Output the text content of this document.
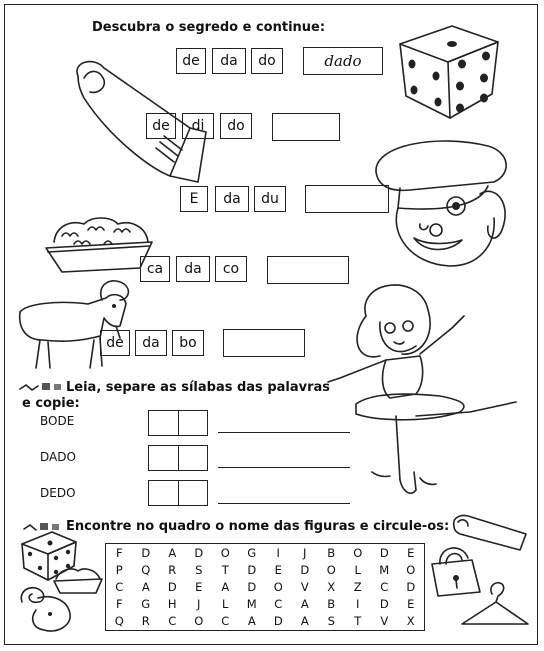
Descubra o segredo e continue:
de	da	do	dado
de	di	do
E	da	du
ca	da	co
de	da	bo
Leia, separe as sílabas das palavras
e copie:
BODE
DADO
DEDO
Encontre no quadro o nome das figuras e circule-os:
F	D	A	D	O	G	I	J	B	O	D	E
P	Q	R	S	T	D	E	D	O	L	M	O
C	A	D	E	A	D	O	V	X	Z	C	D
F	G	H	J	L	M	C	A	B	I	D	E
Q	R	C	O	C	A	D	A	S	T	V	X
